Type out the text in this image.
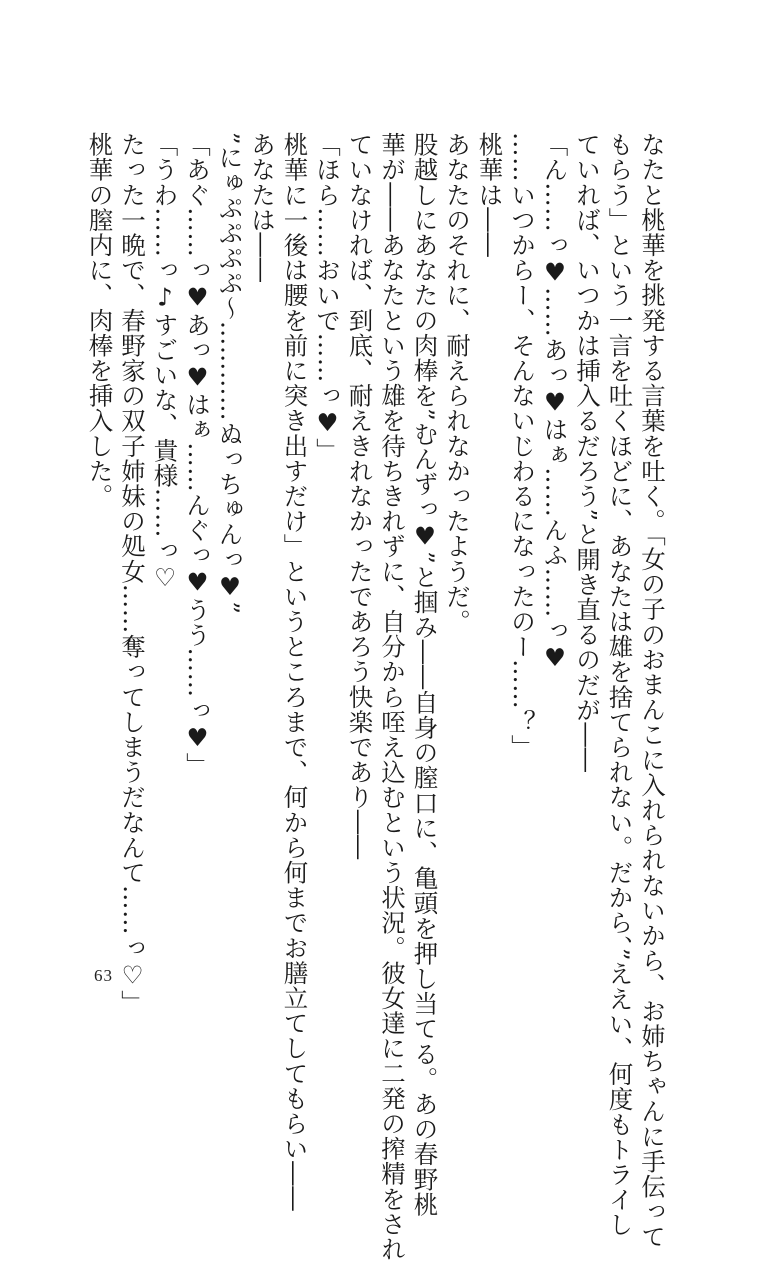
なたと桃華を挑発する言葉を吐く。「女の子のおまんこに入れられないから、お姉ちゃんに手伝って
もらう」という一言を吐くほどに、あなたは雄を捨てられない。だから、”ええい、何度もトライし
ていれば、いつかは挿入るだろう”と開き直るのだが――
「ん……っ♥……あっ♥はぁ……んふ……っ♥
……いつからー、そんないじわるになったのー……？」
桃華は――
あなたのそれに、耐えられなかったようだ。
股越しにあなたの肉棒を”むんずっ♥”と掴み――自身の膣口に、亀頭を押し当てる。あの春野桃
華が――あなたという雄を待ちきれずに、自分から咥え込むという状況。彼女達に二発の搾精をされ
ていなければ、到底、耐えきれなかったであろう快楽であり――
「ほら……おいで……っ♥」
桃華に一後は腰を前に突き出すだけ」というところまで、何から何までお膳立てしてもらい――
あなたは――
”にゅぷぷぷぷ～…………ぬっちゅんっ♥”
「あぐ……っ♥あっ♥はぁ……んぐっ♥うう……っ♥」
「うわ……っ♪すごいな、貴様……っ♡
たった一晩で、春野家の双子姉妹の処女……奪ってしまうだなんて……っ♡」
桃華の膣内に、肉棒を挿入した。
63
